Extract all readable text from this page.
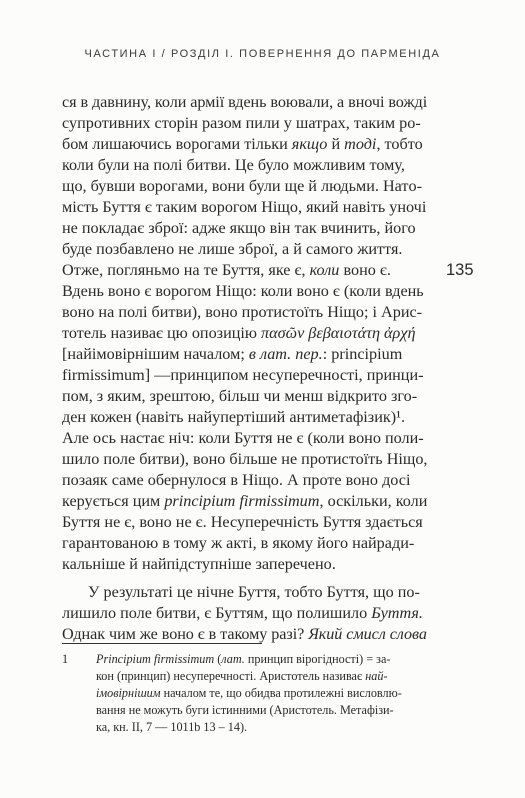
ЧАСТИНА I / РОЗДІЛ I. ПОВЕРНЕННЯ ДО ПАРМЕНІДА
135
ся в давнину, коли армії вдень воювали, а вночі вожді
супротивних сторін разом пили у шатрах, таким ро-
бом лишаючись ворогами тільки якщо й тоді, тобто
коли були на полі битви. Це було можливим тому,
що, бувши ворогами, вони були ще й людьми. Натo-
мість Буття є таким ворогом Ніщо, який навіть уночі
не покладає зброї: адже якщо він так вчинить, його
буде позбавлено не лише зброї, а й самого життя.
Отже, погляньмо на те Буття, яке є, коли воно є.
Вдень воно є ворогом Ніщо: коли воно є (коли вдень
воно на полі битви), воно протистоїть Ніщо; і Арис-
тотель називає цю опозицію πασῶν βεβαιοτάτη ἀρχή
[найімовірнішим началом; в лат. пер.: principium
firmissimum] —принципом несуперечності, принци-
пом, з яким, зрештою, більш чи менш відкрито зго-
ден кожен (навіть найупертіший антиметафізик)¹.
Але ось настає ніч: коли Буття не є (коли воно поли-
шило поле битви), воно більше не протистоїть Ніщо,
позаяк саме обернулося в Ніщо. А проте воно досі
керується цим principium firmissimum, оскільки, коли
Буття не є, воно не є. Несуперечність Буття здається
гарантованою в тому ж акті, в якому його найради-
кальніше й найпідступніше заперечено.
У результаті це нічне Буття, тобто Буття, що по-
лишило поле битви, є Буттям, що полишило Буття.
Однак чим же воно є в такому разі? Який смисл слова
1	Principium firmissimum (лат. принцип вірогідності) = за-
кон (принцип) несуперечності. Аристотель називає най-
імовірнішим началом те, що обидва протилежні висловлю-
вання не можуть буги істинними (Аристотель. Метафізи-
ка, кн. II, 7 — 1011b 13 – 14).
